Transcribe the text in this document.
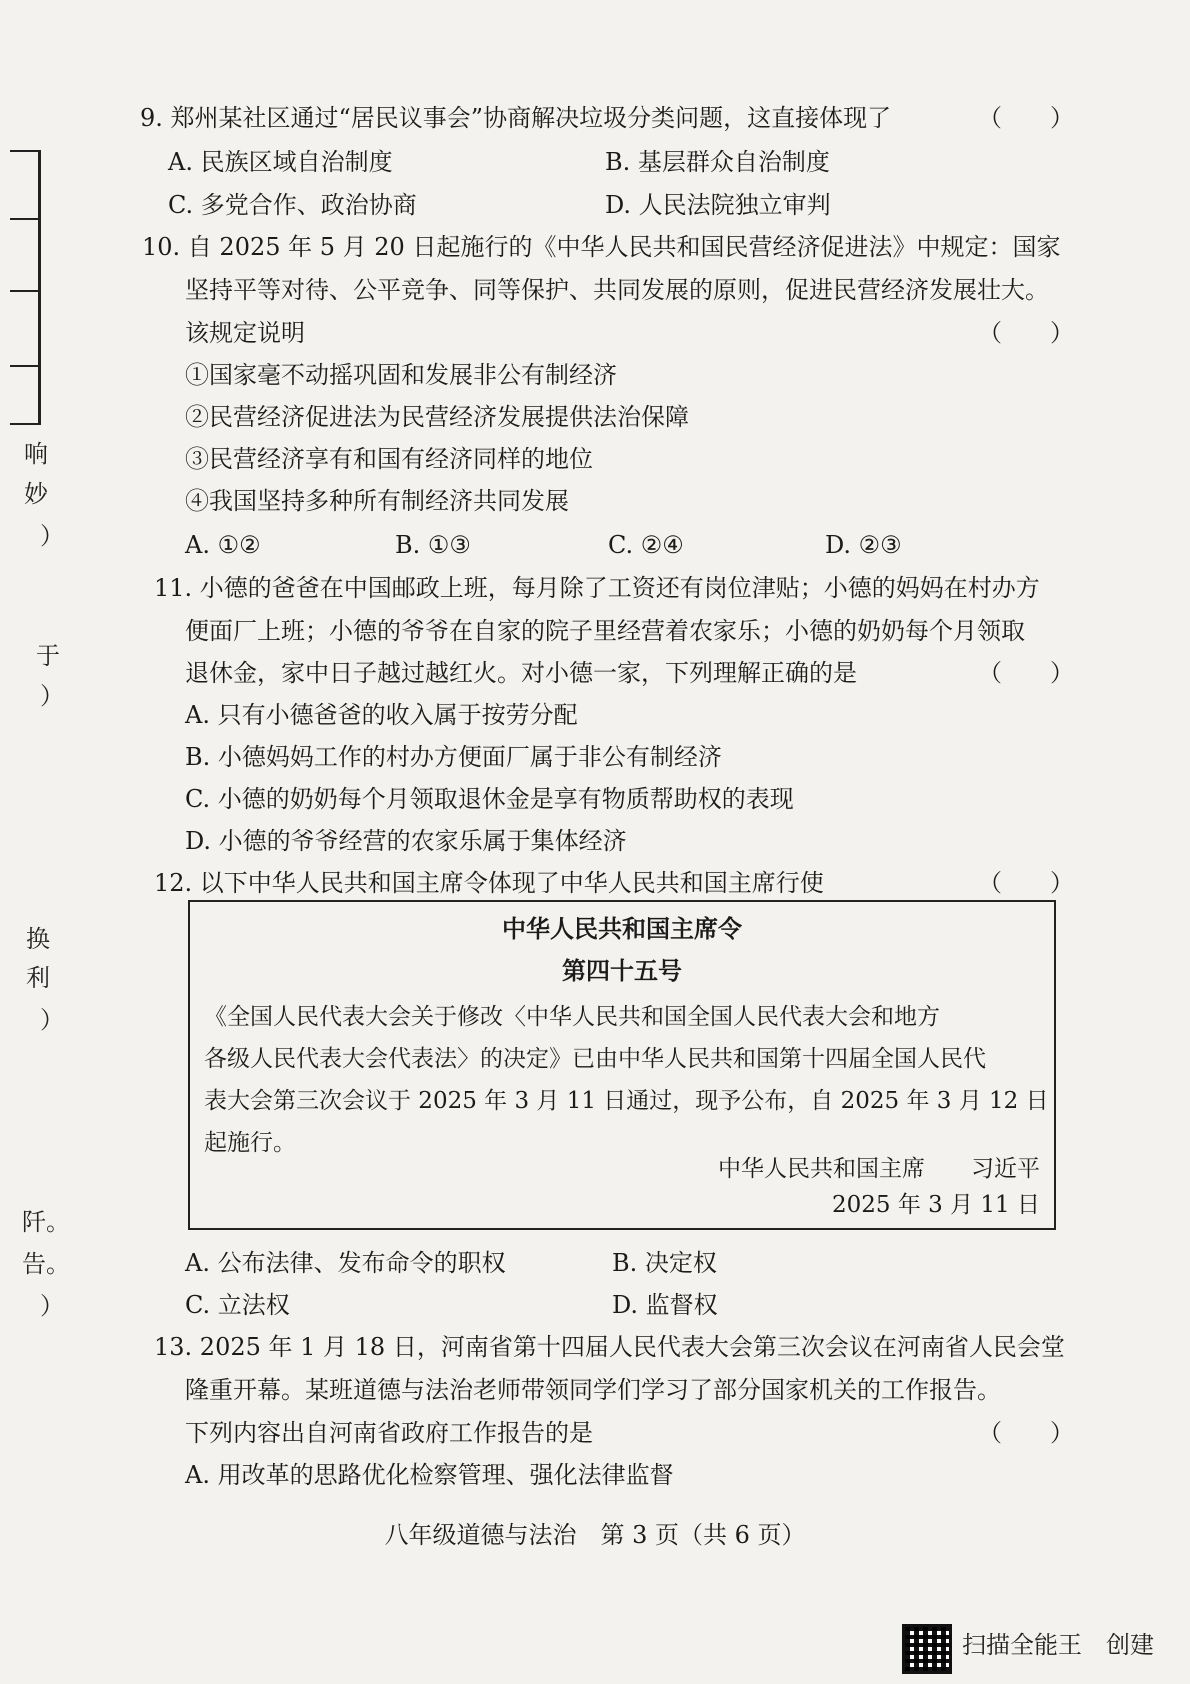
响
妙
）
于
）
换
利
）
阡。
告。
）
9. 郑州某社区通过“居民议事会”协商解决垃圾分类问题，这直接体现了	（　　）
A. 民族区域自治制度	B. 基层群众自治制度
C. 多党合作、政治协商	D. 人民法院独立审判
10. 自 2025 年 5 月 20 日起施行的《中华人民共和国民营经济促进法》中规定：国家
坚持平等对待、公平竞争、同等保护、共同发展的原则，促进民营经济发展壮大。
该规定说明	（　　）
①国家毫不动摇巩固和发展非公有制经济
②民营经济促进法为民营经济发展提供法治保障
③民营经济享有和国有经济同样的地位
④我国坚持多种所有制经济共同发展
A. ①②	B. ①③	C. ②④	D. ②③
11. 小德的爸爸在中国邮政上班，每月除了工资还有岗位津贴；小德的妈妈在村办方
便面厂上班；小德的爷爷在自家的院子里经营着农家乐；小德的奶奶每个月领取
退休金，家中日子越过越红火。对小德一家，下列理解正确的是	（　　）
A. 只有小德爸爸的收入属于按劳分配
B. 小德妈妈工作的村办方便面厂属于非公有制经济
C. 小德的奶奶每个月领取退休金是享有物质帮助权的表现
D. 小德的爷爷经营的农家乐属于集体经济
12. 以下中华人民共和国主席令体现了中华人民共和国主席行使	（　　）
中华人民共和国主席令
第四十五号
《全国人民代表大会关于修改〈中华人民共和国全国人民代表大会和地方
各级人民代表大会代表法〉的决定》已由中华人民共和国第十四届全国人民代
表大会第三次会议于 2025 年 3 月 11 日通过，现予公布，自 2025 年 3 月 12 日
起施行。
中华人民共和国主席　　习近平
2025 年 3 月 11 日
A. 公布法律、发布命令的职权	B. 决定权
C. 立法权	D. 监督权
13. 2025 年 1 月 18 日，河南省第十四届人民代表大会第三次会议在河南省人民会堂
隆重开幕。某班道德与法治老师带领同学们学习了部分国家机关的工作报告。
下列内容出自河南省政府工作报告的是	（　　）
A. 用改革的思路优化检察管理、强化法律监督
八年级道德与法治　第 3 页（共 6 页）
扫描全能王　创建
